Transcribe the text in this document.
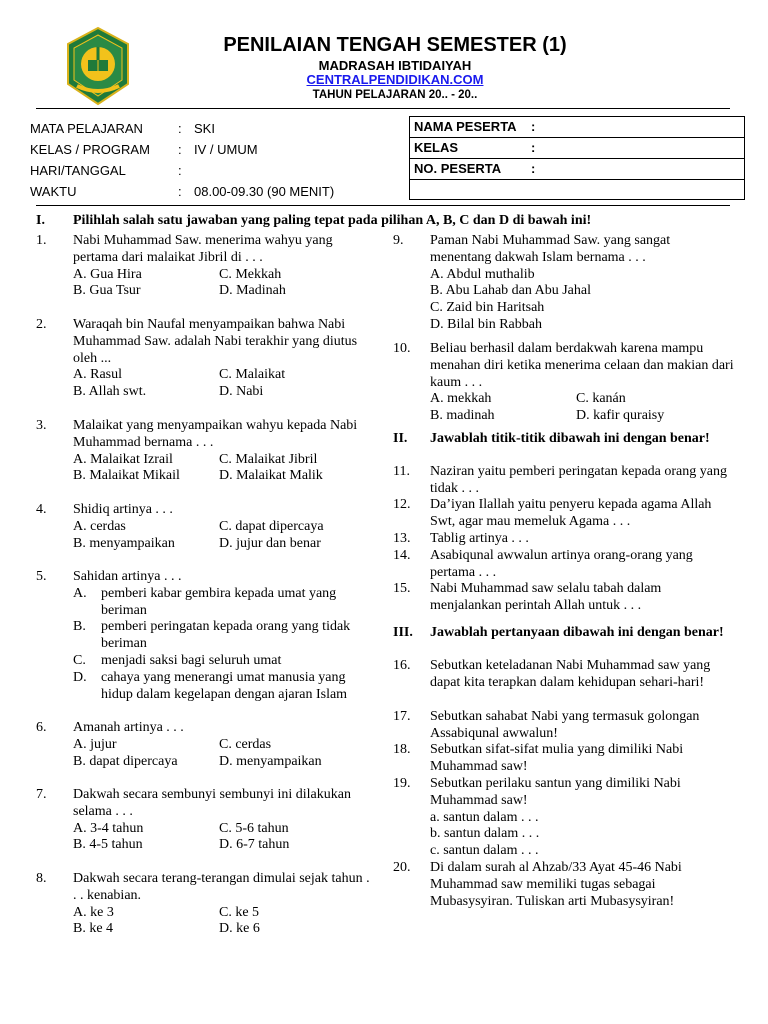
PENILAIAN TENGAH SEMESTER (1)
MADRASAH IBTIDAIYAH
CENTRALPENDIDIKAN.COM
TAHUN PELAJARAN 20.. - 20..
MATA PELAJARAN	: SKI
KELAS / PROGRAM	: IV / UMUM
HARI/TANGGAL	:
WAKTU	: 08.00-09.30 (90 MENIT)
NAMA PESERTA :
KELAS	:
NO. PESERTA :
I. Pilihlah salah satu jawaban yang paling tepat pada pilihan A, B, C dan D di bawah ini!
1. Nabi Muhammad Saw. menerima wahyu yang pertama dari malaikat Jibril di . . .
A. Gua Hira	C. Mekkah
B. Gua Tsur	D. Madinah
2. Waraqah bin Naufal menyampaikan bahwa Nabi Muhammad Saw. adalah Nabi terakhir yang diutus oleh ...
A. Rasul	C. Malaikat
B. Allah swt.	D. Nabi
3. Malaikat yang menyampaikan wahyu kepada Nabi Muhammad bernama . . .
A. Malaikat Izrail	C. Malaikat Jibril
B. Malaikat Mikail	D. Malaikat Malik
4. Shidiq artinya . . .
A. cerdas	C. dapat dipercaya
B. menyampaikan	D. jujur dan benar
5. Sahidan artinya . . .
A. pemberi kabar gembira kepada umat yang beriman
B. pemberi peringatan kepada orang yang tidak beriman
C. menjadi saksi bagi seluruh umat
D. cahaya yang menerangi umat manusia yang hidup dalam kegelapan dengan ajaran Islam
6. Amanah artinya . . .
A. jujur	C. cerdas
B. dapat dipercaya	D. menyampaikan
7. Dakwah secara sembunyi sembunyi ini dilakukan selama . . .
A. 3-4 tahun	C. 5-6 tahun
B. 4-5 tahun	D. 6-7 tahun
8. Dakwah secara terang-terangan dimulai sejak tahun . . . kenabian.
A. ke 3	C. ke 5
B. ke 4	D. ke 6
9. Paman Nabi Muhammad Saw. yang sangat menentang dakwah Islam bernama . . .
A. Abdul muthalib
B. Abu Lahab dan Abu Jahal
C. Zaid bin Haritsah
D. Bilal bin Rabbah
10. Beliau berhasil dalam berdakwah karena mampu menahan diri ketika menerima celaan dan makian dari kaum . . .
A. mekkah	C. kanán
B. madinah	D. kafir quraisy
II. Jawablah titik-titik dibawah ini dengan benar!
11. Naziran yaitu pemberi peringatan kepada orang yang tidak . . .
12. Da’iyan Ilallah yaitu penyeru kepada agama Allah Swt, agar mau memeluk Agama . . .
13. Tablig artinya . . .
14. Asabiqunal awwalun artinya orang-orang yang pertama . . .
15. Nabi Muhammad saw selalu tabah dalam menjalankan perintah Allah untuk . . .
III. Jawablah pertanyaan dibawah ini dengan benar!
16. Sebutkan keteladanan Nabi Muhammad saw yang dapat kita terapkan dalam kehidupan sehari-hari!
17. Sebutkan sahabat Nabi yang termasuk golongan Assabiqunal awwalun!
18. Sebutkan sifat-sifat mulia yang dimiliki Nabi Muhammad saw!
19. Sebutkan perilaku santun yang dimiliki Nabi Muhammad saw!
a. santun dalam . . .
b. santun dalam . . .
c. santun dalam . . .
20. Di dalam surah al Ahzab/33 Ayat 45-46 Nabi Muhammad saw memiliki tugas sebagai Mubasysyiran. Tuliskan arti Mubasysyiran!
